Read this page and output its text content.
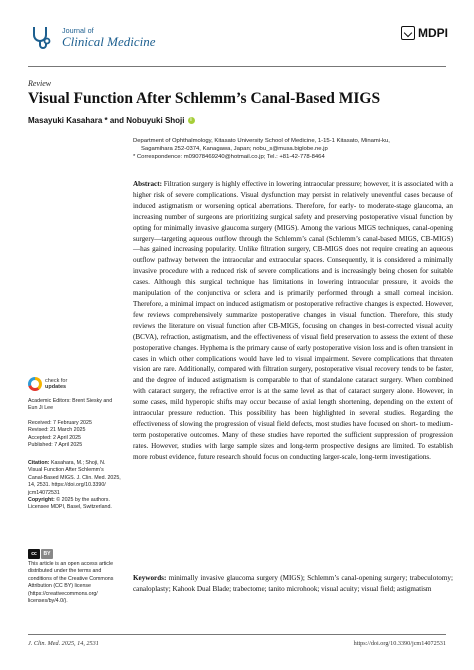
Journal of
Clinical Medicine
MDPI
Review
Visual Function After Schlemm’s Canal-Based MIGS
Masayuki Kasahara * and Nobuyuki Shoji	i
Department of Ophthalmology, Kitasato University School of Medicine, 1-15-1 Kitasato, Minami-ku,
Sagamihara 252-0374, Kanagawa, Japan; nobu_s@musa.biglobe.ne.jp
* Correspondence: m09078469240@hotmail.co.jp; Tel.: +81-42-778-8464
Abstract: Filtration surgery is highly effective in lowering intraocular pressure; however, it is associated with a higher risk of severe complications. Visual dysfunction may persist in relatively uneventful cases because of induced astigmatism or worsening optical aberrations. Therefore, for early- to moderate-stage glaucoma, an increasing number of surgeons are prioritizing surgical safety and preserving postoperative visual function by opting for minimally invasive glaucoma surgery (MIGS). Among the various MIGS techniques, canal-opening surgery—targeting aqueous outflow through the Schlemm’s canal (Schlemm’s canal-based MIGS, CB-MIGS)—has gained increasing popularity. Unlike filtration surgery, CB-MIGS does not require creating an aqueous outflow pathway between the intraocular and extraocular spaces. Consequently, it is considered a minimally invasive procedure with a reduced risk of severe complications and is increasingly being chosen for suitable cases. Although this surgical technique has limitations in lowering intraocular pressure, it avoids the manipulation of the conjunctiva or sclera and is primarily performed through a small corneal incision. Therefore, a minimal impact on induced astigmatism or postoperative refractive changes is expected. However, few reviews comprehensively summarize postoperative changes in visual function. Therefore, this study reviews the literature on visual function after CB-MIGS, focusing on changes in best-corrected visual acuity (BCVA), refraction, astigmatism, and the effectiveness of visual field preservation to assess the extent of these postoperative changes. Hyphema is the primary cause of early postoperative vision loss and is often transient in cases in which other complications would have led to visual impairment. Severe complications that threaten vision are rare. Additionally, compared with filtration surgery, postoperative visual recovery tends to be faster, and the degree of induced astigmatism is comparable to that of standalone cataract surgery. When combined with cataract surgery, the refractive error is at the same level as that of cataract surgery alone. However, in some cases, mild hyperopic shifts may occur because of axial length shortening, depending on the extent of intraocular pressure reduction. This possibility has been highlighted in several studies. Regarding the effectiveness of slowing the progression of visual field defects, most studies have focused on short- to medium-term postoperative outcomes. Many of these studies have reported the sufficient suppression of progression rates. However, studies with large sample sizes and long-term prospective designs are limited. To establish more robust evidence, future research should focus on conducting larger-scale, long-term investigations.
Keywords: minimally invasive glaucoma surgery (MIGS); Schlemm’s canal-opening surgery; trabeculotomy; canaloplasty; Kahook Dual Blade; trabectome; tanito microhook; visual acuity; visual field; astigmatism
check for
updates
Academic Editors: Brent Siesky and
Eun Ji Lee
Received: 7 February 2025
Revised: 21 March 2025
Accepted: 2 April 2025
Published: 7 April 2025
Citation: Kasahara, M.; Shoji, N.
Visual Function After Schlemm’s
Canal-Based MIGS. J. Clin. Med. 2025,
14, 2531. https://doi.org/10.3390/
jcm14072531
Copyright: © 2025 by the authors.
Licensee MDPI, Basel, Switzerland.
cc	BY
This article is an open access article
distributed under the terms and
conditions of the Creative Commons
Attribution (CC BY) license
(https://creativecommons.org/
licenses/by/4.0/).
J. Clin. Med. 2025, 14, 2531	https://doi.org/10.3390/jcm14072531
